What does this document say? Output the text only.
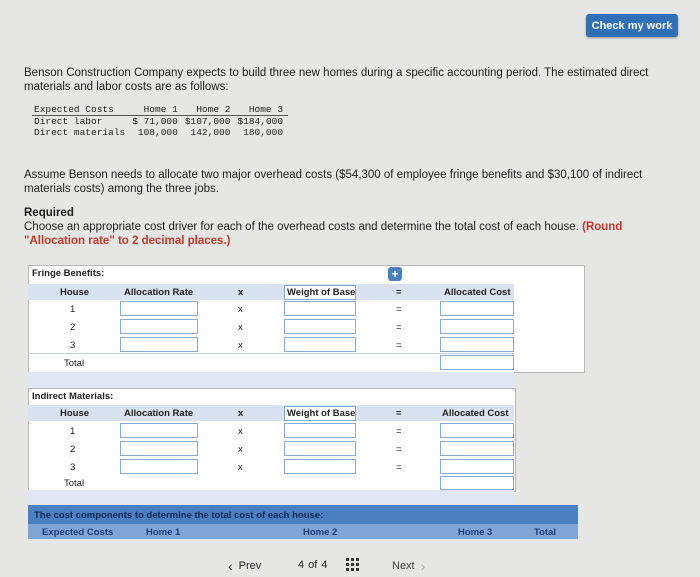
Check my work
Benson Construction Company expects to build three new homes during a specific accounting period. The estimated direct materials and labor costs are as follows:
Expected Costs	Home 1	Home 2	Home 3
Direct labor	$ 71,000	$107,000	$184,000
Direct materials	108,000	142,000	180,000
Assume Benson needs to allocate two major overhead costs ($54,300 of employee fringe benefits and $30,100 of indirect materials costs) among the three jobs.
Required
Choose an appropriate cost driver for each of the overhead costs and determine the total cost of each house. (Round "Allocation rate" to 2 decimal places.)
Fringe Benefits:	+
House	Allocation Rate	x	Weight of Base	=	Allocated Cost
1	x	=
2	x	=
3	x	=
Total
Indirect Materials:
House	Allocation Rate	x	Weight of Base	=	Allocated Cost
1	x	=
2	x	=
3	x	=
Total
The cost components to determine the total cost of each house:
Expected Costs	Home 1	Home 2	Home 3	Total
‹ Prev	4 of 4	Next ›
